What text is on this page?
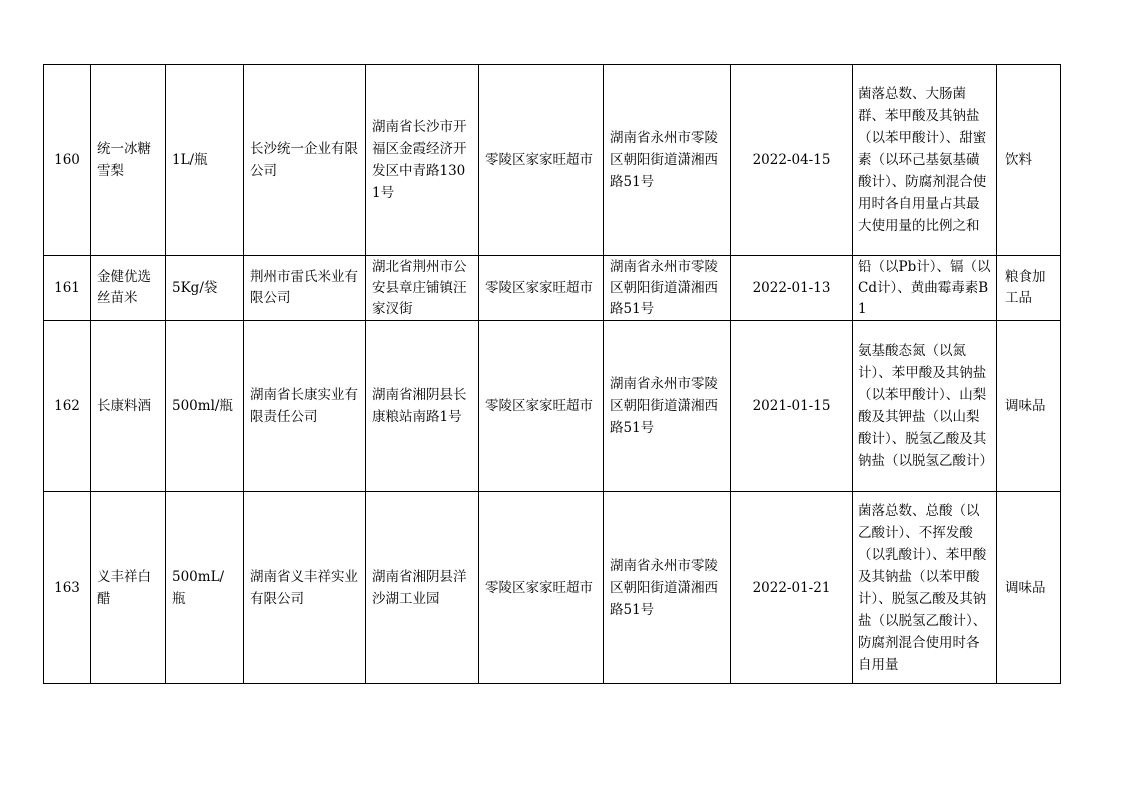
160	统一冰糖雪梨	1L/瓶	长沙统一企业有限公司	湖南省长沙市开福区金霞经济开发区中青路1301号	零陵区家家旺超市	湖南省永州市零陵区朝阳街道潇湘西路51号	2022-04-15	菌落总数、大肠菌群、苯甲酸及其钠盐（以苯甲酸计）、甜蜜素（以环己基氨基磺酸计）、防腐剂混合使用时各自用量占其最大使用量的比例之和	饮料
161	金健优选丝苗米	5Kg/袋	荆州市雷氏米业有限公司	湖北省荆州市公安县章庄铺镇汪家汊街	零陵区家家旺超市	湖南省永州市零陵区朝阳街道潇湘西路51号	2022-01-13	铅（以Pb计）、镉（以Cd计）、黄曲霉毒素B1	粮食加工品
162	长康料酒	500ml/瓶	湖南省长康实业有限责任公司	湖南省湘阴县长康粮站南路1号	零陵区家家旺超市	湖南省永州市零陵区朝阳街道潇湘西路51号	2021-01-15	氨基酸态氮（以氮计）、苯甲酸及其钠盐（以苯甲酸计）、山梨酸及其钾盐（以山梨酸计）、脱氢乙酸及其钠盐（以脱氢乙酸计）	调味品
163	义丰祥白醋	500mL/瓶	湖南省义丰祥实业有限公司	湖南省湘阴县洋沙湖工业园	零陵区家家旺超市	湖南省永州市零陵区朝阳街道潇湘西路51号	2022-01-21	菌落总数、总酸（以乙酸计）、不挥发酸（以乳酸计）、苯甲酸及其钠盐（以苯甲酸计）、脱氢乙酸及其钠盐（以脱氢乙酸计）、防腐剂混合使用时各自用量	调味品
